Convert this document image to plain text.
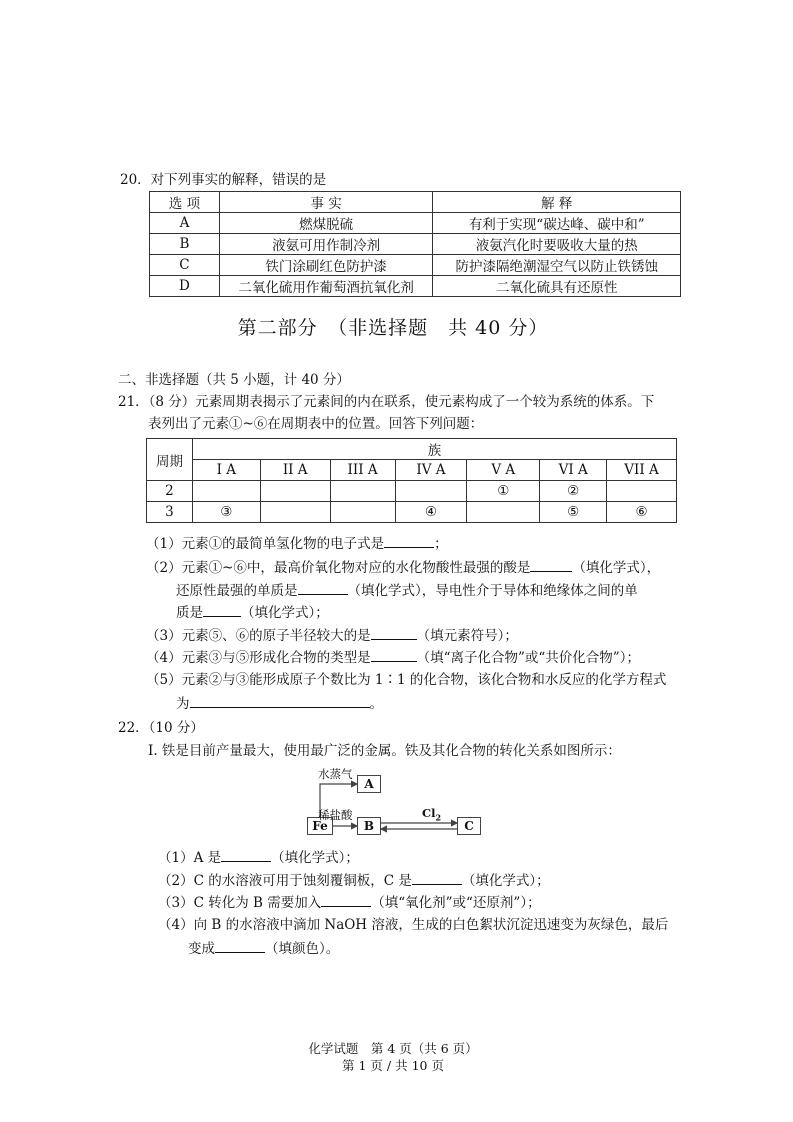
20．对下列事实的解释，错误的是
选 项	事 实	解 释
A	燃煤脱硫	有利于实现“碳达峰、碳中和”
B	液氨可用作制冷剂	液氨汽化时要吸收大量的热
C	铁门涂刷红色防护漆	防护漆隔绝潮湿空气以防止铁锈蚀
D	二氧化硫用作葡萄酒抗氧化剂	二氧化硫具有还原性
第二部分　（非选择题　共 40 分）
二、非选择题（共 5 小题，计 40 分）
21．（8 分）元素周期表揭示了元素间的内在联系，使元素构成了一个较为系统的体系。下
表列出了元素①~⑥在周期表中的位置。回答下列问题：
周期	族						
	I A	II A	III A	IV A	V A	VI A	VII A
2					①	②	
3	③			④		⑤	⑥
（1）元素①的最简单氢化物的电子式是	；
（2）元素①~⑥中，最高价氧化物对应的水化物酸性最强的酸是	（填化学式），
还原性最强的单质是	（填化学式），导电性介于导体和绝缘体之间的单
质是	（填化学式）；
（3）元素⑤、⑥的原子半径较大的是	（填元素符号）；
（4）元素③与⑤形成化合物的类型是	（填“离子化合物”或“共价化合物”）；
（5）元素②与③能形成原子个数比为 1∶1 的化合物，该化合物和水反应的化学方程式
为	。
22．（10 分）
I. 铁是目前产量最大，使用最广泛的金属。铁及其化合物的转化关系如图所示：
A
Fe	B	C
水蒸气
稀盐酸	$Cl_2$
（1）A 是	（填化学式）；
（2）C 的水溶液可用于蚀刻覆铜板，C 是	（填化学式）；
（3）C 转化为 B 需要加入	（填“氧化剂”或“还原剂”）；
（4）向 B 的水溶液中滴加 NaOH 溶液，生成的白色絮状沉淀迅速变为灰绿色，最后
变成	（填颜色）。
化学试题　第 4 页（共 6 页）
第 1 页 / 共 10 页
